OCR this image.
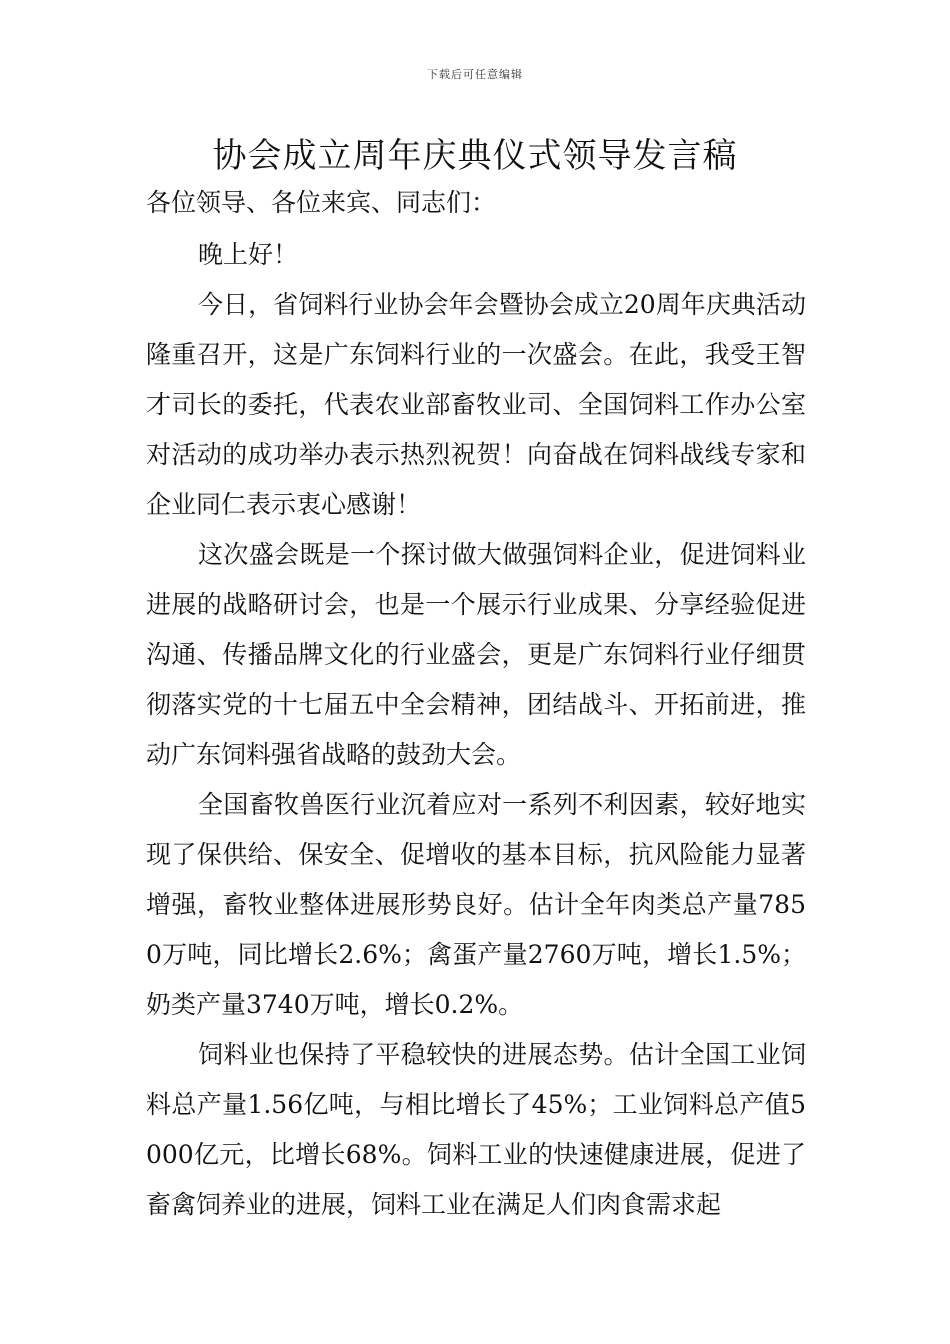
下载后可任意编辑
协会成立周年庆典仪式领导发言稿

各位领导、各位来宾、同志们：

晚上好！

今日，省饲料行业协会年会暨协会成立20周年庆典活动隆重召开，这是广东饲料行业的一次盛会。在此，我受王智才司长的委托，代表农业部畜牧业司、全国饲料工作办公室对活动的成功举办表示热烈祝贺！向奋战在饲料战线专家和企业同仁表示衷心感谢！

这次盛会既是一个探讨做大做强饲料企业，促进饲料业进展的战略研讨会，也是一个展示行业成果、分享经验促进沟通、传播品牌文化的行业盛会，更是广东饲料行业仔细贯彻落实党的十七届五中全会精神，团结战斗、开拓前进，推动广东饲料强省战略的鼓劲大会。

全国畜牧兽医行业沉着应对一系列不利因素，较好地实现了保供给、保安全、促增收的基本目标，抗风险能力显著增强，畜牧业整体进展形势良好。估计全年肉类总产量7850万吨，同比增长2.6%；禽蛋产量2760万吨，增长1.5%；奶类产量3740万吨，增长0.2%。

饲料业也保持了平稳较快的进展态势。估计全国工业饲料总产量1.56亿吨，与相比增长了45%；工业饲料总产值5000亿元，比增长68%。饲料工业的快速健康进展，促进了畜禽饲养业的进展，饲料工业在满足人们肉食需求起
